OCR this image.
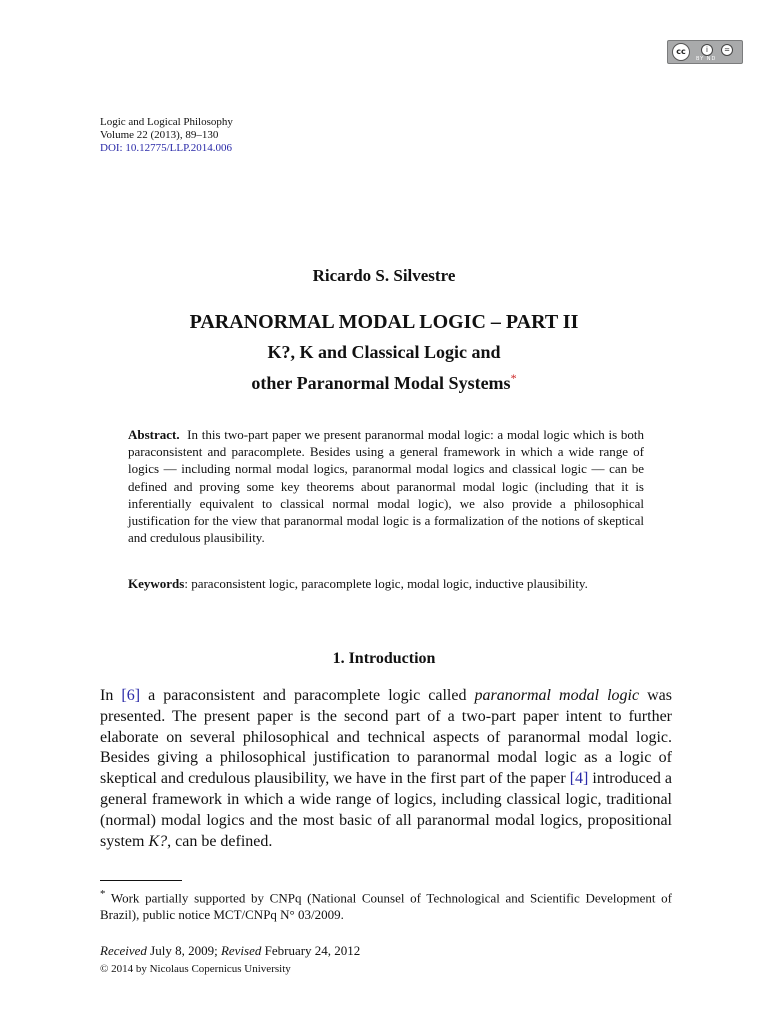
cc	i	=
BY ND
Logic and Logical Philosophy
Volume 22 (2013), 89–130
DOI: 10.12775/LLP.2014.006
Ricardo S. Silvestre
PARANORMAL MODAL LOGIC – PART II
K?, K and Classical Logic and
other Paranormal Modal Systems*
Abstract. In this two-part paper we present paranormal modal logic: a modal logic which is both paraconsistent and paracomplete. Besides using a general framework in which a wide range of logics — including normal modal logics, paranormal modal logics and classical logic — can be defined and proving some key theorems about paranormal modal logic (including that it is inferentially equivalent to classical normal modal logic), we also provide a philosophical justification for the view that paranormal modal logic is a formalization of the notions of skeptical and credulous plausibility.
Keywords: paraconsistent logic, paracomplete logic, modal logic, inductive plausibility.
1. Introduction
In [6] a paraconsistent and paracomplete logic called paranormal modal logic was presented. The present paper is the second part of a two-part paper intent to further elaborate on several philosophical and technical aspects of paranormal modal logic. Besides giving a philosophical justification to paranormal modal logic as a logic of skeptical and credulous plausibility, we have in the first part of the paper [4] introduced a general framework in which a wide range of logics, including classical logic, traditional (normal) modal logics and the most basic of all paranormal modal logics, propositional system K?, can be defined.
* Work partially supported by CNPq (National Counsel of Technological and Scientific Development of Brazil), public notice MCT/CNPq N° 03/2009.
Received July 8, 2009; Revised February 24, 2012
© 2014 by Nicolaus Copernicus University
